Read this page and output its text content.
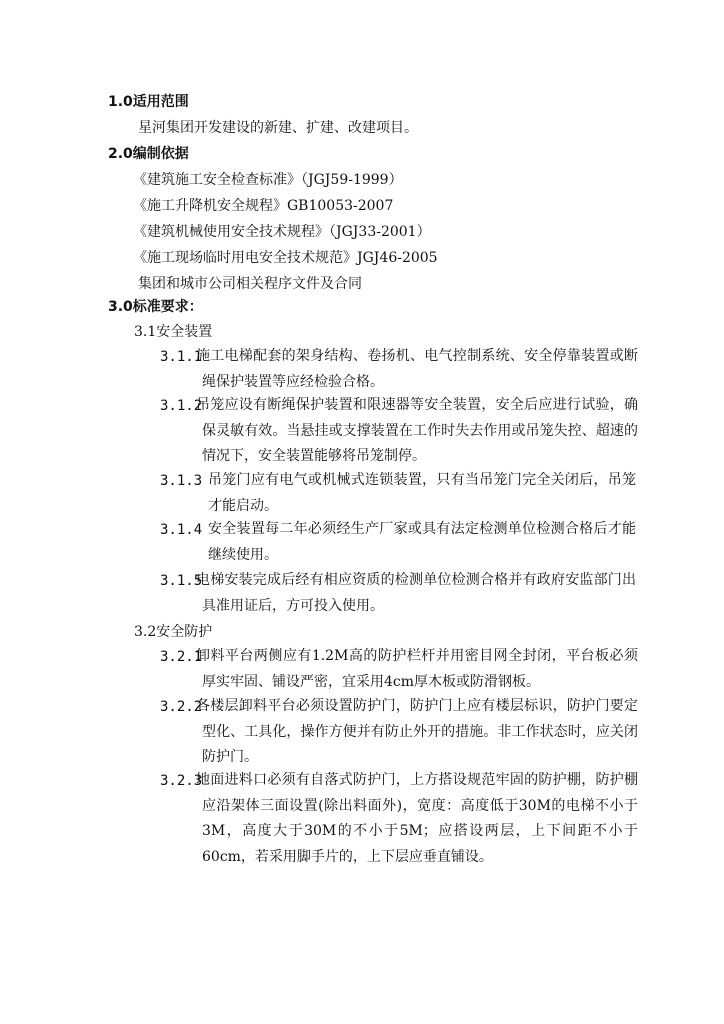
1.0适用范围
星河集团开发建设的新建、扩建、改建项目。
2.0编制依据
《建筑施工安全检查标准》（JGJ59-1999）
《施工升降机安全规程》GB10053-2007
《建筑机械使用安全技术规程》（JGJ33-2001）
《施工现场临时用电安全技术规范》JGJ46-2005
集团和城市公司相关程序文件及合同
3.0标准要求：
3.1安全装置
3.1.1
施工电梯配套的架身结构、卷扬机、电气控制系统、安全停靠装置或断绳保护装置等应经检验合格。
3.1.2
吊笼应设有断绳保护装置和限速器等安全装置，安全后应进行试验，确保灵敏有效。当悬挂或支撑装置在工作时失去作用或吊笼失控、超速的情况下，安全装置能够将吊笼制停。
3.1.3 吊笼门应有电气或机械式连锁装置，只有当吊笼门完全关闭后，吊笼才能启动。
3.1.4 安全装置每二年必须经生产厂家或具有法定检测单位检测合格后才能继续使用。
3.1.5
电梯安装完成后经有相应资质的检测单位检测合格并有政府安监部门出具准用证后，方可投入使用。
3.2安全防护
3.2.1
卸料平台两侧应有1.2M高的防护栏杆并用密目网全封闭，平台板必须厚实牢固、铺设严密，宜采用4cm厚木板或防滑钢板。
3.2.2
各楼层卸料平台必须设置防护门，防护门上应有楼层标识，防护门要定型化、工具化，操作方便并有防止外开的措施。非工作状态时，应关闭防护门。
3.2.3
地面进料口必须有自落式防护门，上方搭设规范牢固的防护棚，防护棚应沿架体三面设置(除出料面外)，宽度：高度低于30M的电梯不小于3M，高度大于30M的不小于5M；应搭设两层，上下间距不小于60cm，若采用脚手片的，上下层应垂直铺设。
